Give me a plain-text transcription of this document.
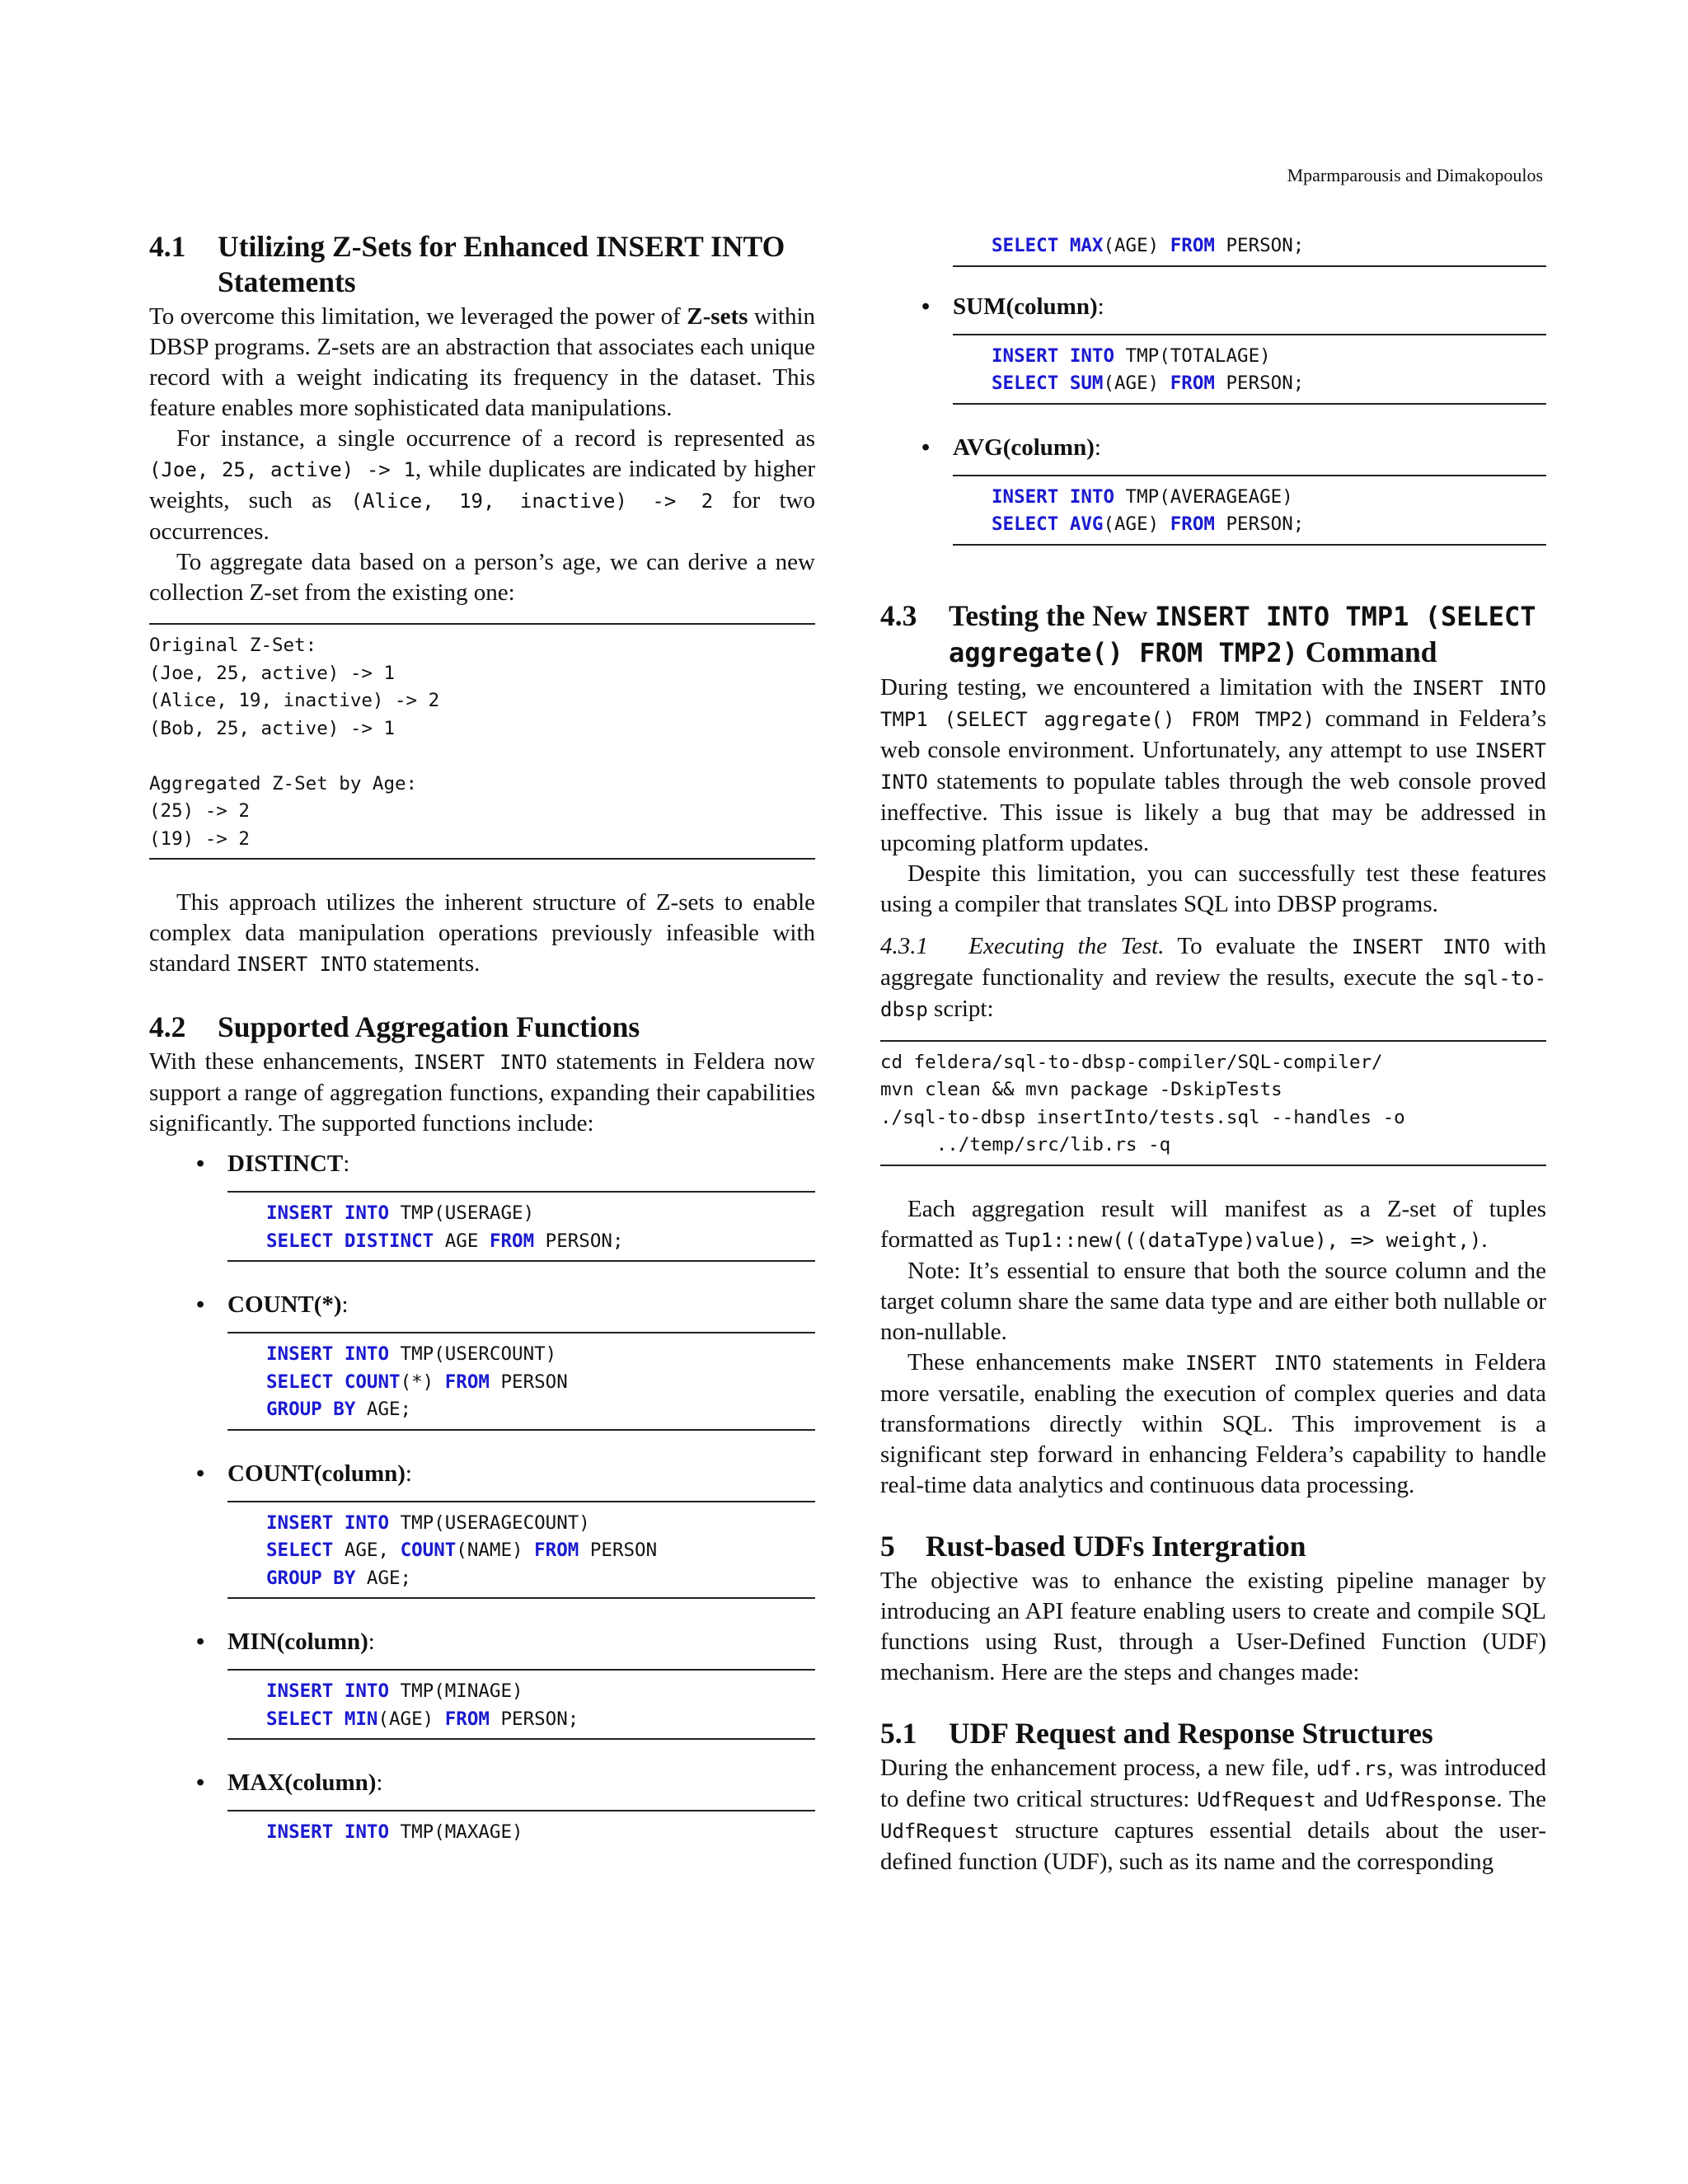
Mparmparousis and Dimakopoulos
4.1	Utilizing Z-Sets for Enhanced INSERT INTO Statements

To overcome this limitation, we leveraged the power of Z-sets within DBSP programs. Z-sets are an abstraction that associates each unique record with a weight indicating its frequency in the dataset. This feature enables more sophisticated data manipulations.

For instance, a single occurrence of a record is represented as (Joe, 25, active) -> 1, while duplicates are indicated by higher weights, such as (Alice, 19, inactive) -> 2 for two occurrences.

To aggregate data based on a person’s age, we can derive a new collection Z-set from the existing one:

Original Z-Set:
(Joe, 25, active) -> 1
(Alice, 19, inactive) -> 2
(Bob, 25, active) -> 1
Aggregated Z-Set by Age:
(25) -> 2
(19) -> 2

This approach utilizes the inherent structure of Z-sets to enable complex data manipulation operations previously infeasible with standard INSERT INTO statements.

4.2	Supported Aggregation Functions

With these enhancements, INSERT INTO statements in Feldera now support a range of aggregation functions, expanding their capabilities significantly. The supported functions include:

• DISTINCT :
INSERT INTO TMP(USERAGE)
SELECT DISTINCT AGE FROM PERSON;
• COUNT(*) :
INSERT INTO TMP(USERCOUNT)
SELECT COUNT(*) FROM PERSON
GROUP BY AGE;
• COUNT(column) :
INSERT INTO TMP(USERAGECOUNT)
SELECT AGE, COUNT(NAME) FROM PERSON
GROUP BY AGE;
• MIN(column) :
INSERT INTO TMP(MINAGE)
SELECT MIN(AGE) FROM PERSON;
• MAX(column) :
INSERT INTO TMP(MAXAGE)
SELECT MAX(AGE) FROM PERSON;
• SUM(column) :
INSERT INTO TMP(TOTALAGE)
SELECT SUM(AGE) FROM PERSON;
• AVG(column) :
INSERT INTO TMP(AVERAGEAGE)
SELECT AVG(AGE) FROM PERSON;
4.3	Testing the New INSERT INTO TMP1 (SELECT aggregate() FROM TMP2) Command

During testing, we encountered a limitation with the INSERT INTO TMP1 (SELECT aggregate() FROM TMP2) command in Feldera’s web console environment. Unfortunately, any attempt to use INSERT INTO statements to populate tables through the web console proved ineffective. This issue is likely a bug that may be addressed in upcoming platform updates.

Despite this limitation, you can successfully test these features using a compiler that translates SQL into DBSP programs.

4.3.1 Executing the Test. To evaluate the INSERT INTO with aggregate functionality and review the results, execute the sql-to-dbsp script:

cd feldera/sql-to-dbsp-compiler/SQL-compiler/
mvn clean && mvn package -DskipTests
./sql-to-dbsp insertInto/tests.sql --handles -o
../temp/src/lib.rs -q

Each aggregation result will manifest as a Z-set of tuples formatted as Tup1::new(((dataType)value), => weight,).

Note: It’s essential to ensure that both the source column and the target column share the same data type and are either both nullable or non-nullable.

These enhancements make INSERT INTO statements in Feldera more versatile, enabling the execution of complex queries and data transformations directly within SQL. This improvement is a significant step forward in enhancing Feldera’s capability to handle real-time data analytics and continuous data processing.

5	Rust-based UDFs Intergration

The objective was to enhance the existing pipeline manager by introducing an API feature enabling users to create and compile SQL functions using Rust, through a User-Defined Function (UDF) mechanism. Here are the steps and changes made:

5.1	UDF Request and Response Structures

During the enhancement process, a new file, udf.rs, was introduced to define two critical structures: UdfRequest and UdfResponse. The UdfRequest structure captures essential details about the user-defined function (UDF), such as its name and the corresponding
